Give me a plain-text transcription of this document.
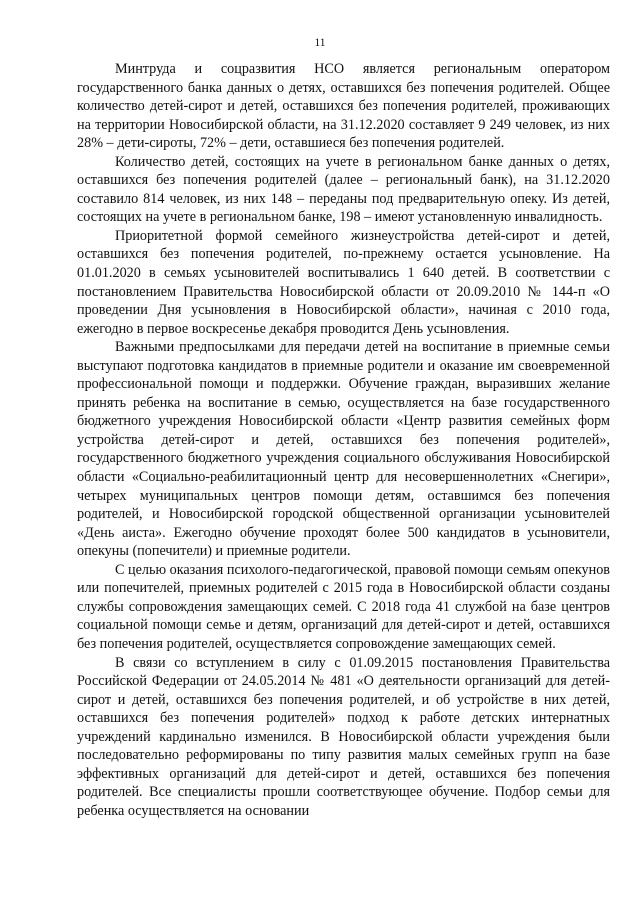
11

Минтруда и соцразвития НСО является региональным оператором государственного банка данных о детях, оставшихся без попечения родителей. Общее количество детей-сирот и детей, оставшихся без попечения родителей, проживающих на территории Новосибирской области, на 31.12.2020 составляет 9 249 человек, из них 28% – дети-сироты, 72% – дети, оставшиеся без попечения родителей.

Количество детей, состоящих на учете в региональном банке данных о детях, оставшихся без попечения родителей (далее – региональный банк), на 31.12.2020 составило 814 человек, из них 148 – переданы под предварительную опеку. Из детей, состоящих на учете в региональном банке, 198 – имеют установленную инвалидность.

Приоритетной формой семейного жизнеустройства детей-сирот и детей, оставшихся без попечения родителей, по-прежнему остается усыновление. На 01.01.2020 в семьях усыновителей воспитывались 1 640 детей. В соответствии с постановлением Правительства Новосибирской области от 20.09.2010 № 144-п «О проведении Дня усыновления в Новосибирской области», начиная с 2010 года, ежегодно в первое воскресенье декабря проводится День усыновления.

Важными предпосылками для передачи детей на воспитание в приемные семьи выступают подготовка кандидатов в приемные родители и оказание им своевременной профессиональной помощи и поддержки. Обучение граждан, выразивших желание принять ребенка на воспитание в семью, осуществляется на базе государственного бюджетного учреждения Новосибирской области «Центр развития семейных форм устройства детей-сирот и детей, оставшихся без попечения родителей», государственного бюджетного учреждения социального обслуживания Новосибирской области «Социально-реабилитационный центр для несовершеннолетних «Снегири», четырех муниципальных центров помощи детям, оставшимся без попечения родителей, и Новосибирской городской общественной организации усыновителей «День аиста». Ежегодно обучение проходят более 500 кандидатов в усыновители, опекуны (попечители) и приемные родители.

С целью оказания психолого-педагогической, правовой помощи семьям опекунов или попечителей, приемных родителей с 2015 года в Новосибирской области созданы службы сопровождения замещающих семей. С 2018 года 41 службой на базе центров социальной помощи семье и детям, организаций для детей-сирот и детей, оставшихся без попечения родителей, осуществляется сопровождение замещающих семей.

В связи со вступлением в силу с 01.09.2015 постановления Правительства Российской Федерации от 24.05.2014 № 481 «О деятельности организаций для детей-сирот и детей, оставшихся без попечения родителей, и об устройстве в них детей, оставшихся без попечения родителей» подход к работе детских интернатных учреждений кардинально изменился. В Новосибирской области учреждения были последовательно реформированы по типу развития малых семейных групп на базе эффективных организаций для детей-сирот и детей, оставшихся без попечения родителей. Все специалисты прошли соответствующее обучение. Подбор семьи для ребенка осуществляется на основании
